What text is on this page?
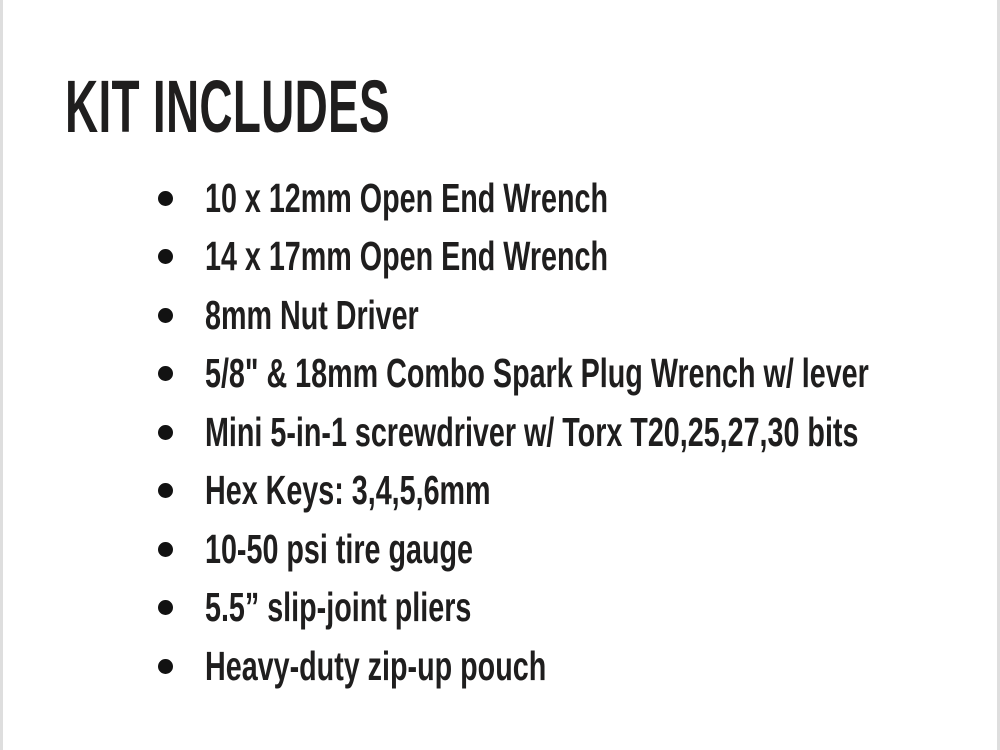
KIT INCLUDES
10 x 12mm Open End Wrench
14 x 17mm Open End Wrench
8mm Nut Driver
5/8" & 18mm Combo Spark Plug Wrench w/ lever
Mini 5-in-1 screwdriver w/ Torx T20,25,27,30 bits
Hex Keys: 3,4,5,6mm
10-50 psi tire gauge
5.5” slip-joint pliers
Heavy-duty zip-up pouch
